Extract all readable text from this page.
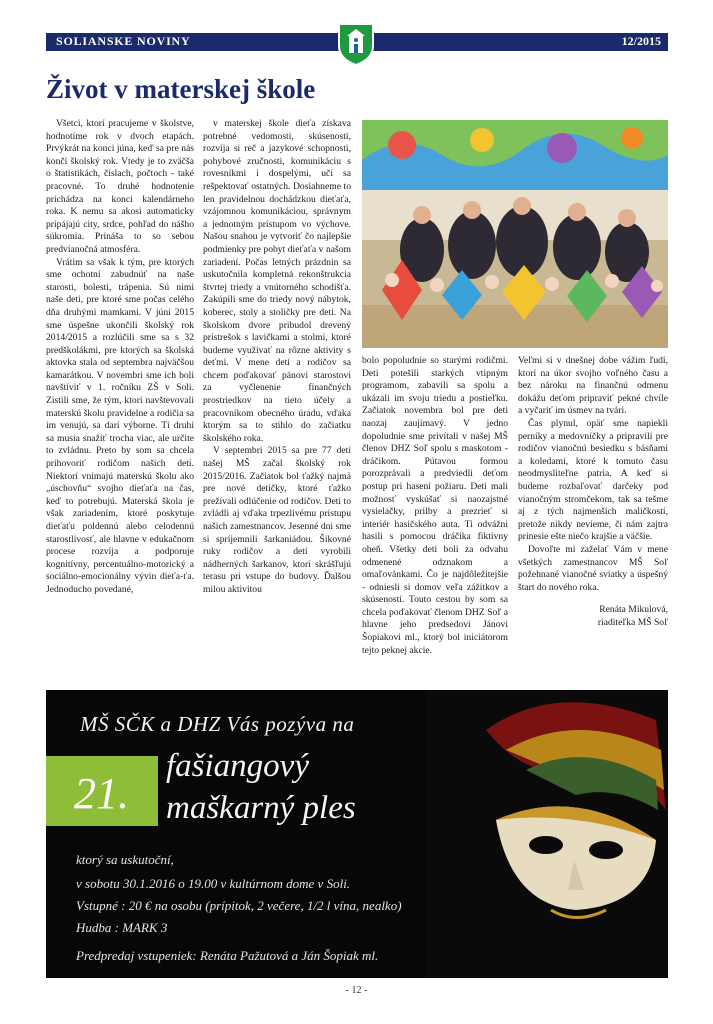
SOLIANSKE NOVINY	12/2015
Život v materskej škole

Všetci, ktorí pracujeme v školstve, hodnotíme rok v dvoch etapách. Prvýkrát na konci júna, keď sa pre nás končí školský rok. Vtedy je to zväčša o štatistikách, číslach, počtoch - také pracovné. To druhé hodnotenie prichádza na konci kalendárneho roka. K nemu sa akosi automaticky pripájajú city, srdce, pohľad do nášho súkromia. Prináša to so sebou predvianočná atmosféra.

Vrátim sa však k tým, pre ktorých sme ochotní zabudnúť na naše starosti, bolesti, trápenia. Sú nimi naše deti, pre ktoré sme počas celého dňa druhými mamkami. V júni 2015 sme úspešne ukončili školský rok 2014/2015 a rozlúčili sme sa s 32 predškolákmi, pre ktorých sa školská aktovka stala od septembra najväčšou kamarátkou. V novembri sme ich boli navštíviť v 1. ročníku ZŠ v Soli. Zistili sme, že tým, ktorí navštevovali materskú školu pravidelne a rodičia sa im venujú, sa darí výborne. Tí druhí sa musia snažiť trocha viac, ale určite to zvládnu. Preto by som sa chcela prihovoriť rodičom našich detí. Niektorí vnímajú materskú školu ako „úschovňu“ svojho dieťaťa na čas, keď to potrebujú. Materská škola je však zariadením, ktoré poskytuje dieťaťu poldennú alebo celodennú starostlivosť, ale hlavne v edukačnom procese rozvíja a podporuje kognitívny, percentuálno-motorický a sociálno-emocionálny vývin dieťa-ťa. Jednoducho povedané,

v materskej škole dieťa získava potrebné vedomosti, skúsenosti, rozvíja si reč a jazykové schopnosti, pohybové zručnosti, komunikáciu s rovesníkmi i dospelými, učí sa rešpektovať ostatných. Dosiahneme to len pravidelnou dochádzkou dieťaťa, vzájomnou komunikáciou, správnym a jednotným prístupom vo výchove. Našou snahou je vytvoriť čo najlepšie podmienky pre pobyt dieťaťa v našom zariadení. Počas letných prázdnin sa uskutočnila kompletná rekonštrukcia štvrtej triedy a vnútorného schodišťa. Zakúpili sme do triedy nový nábytok, koberec, stoly a stoličky pre deti. Na školskom dvore pribudol drevený prístrešok s lavičkami a stolmi, ktoré budeme využívať na rôzne aktivity s deťmi. V mene detí a rodičov sa chcem poďakovať pánovi starostovi za vyčlenenie finančných prostriedkov na tieto účely a pracovníkom obecného úradu, vďaka ktorým sa to stihlo do začiatku školského roka.

V septembri 2015 sa pre 77 detí našej MŠ začal školský rok 2015/2016. Začiatok bol ťažký najmä pre nové detičky, ktoré ťažko prežívali odlúčenie od rodičov. Deti to zvládli aj vďaka trpezlivému prístupu našich zamestnancov. Jesenné dni sme si spríjemnili šarkaniádou. Šikovné ruky rodičov a detí vyrobili nádherných šarkanov, ktorí skrášľujú terasu pri vstupe do budovy. Ďalšou milou aktivitou

bolo popoludnie so starými rodičmi. Deti potešili starkých vtipným programom, zabavili sa spolu a ukázali im svoju triedu a postieľku. Začiatok novembra bol pre deti naozaj zaujímavý. V jedno dopoludnie sme privítali v našej MŠ členov DHZ Soľ spolu s maskotom - dráčikom. Pútavou formou porozprávali a predviedli deťom postup pri hasení požiaru. Deti mali možnosť vyskúšať si naozajstné vysielačky, prilby a prezrieť si interiér hasičského auta. Ti odvážni hasili s pomocou dráčika fiktívny oheň. Všetky deti boli za odvahu odmenené odznakom a omaľovánkami. Čo je najdôležitejšie - odniesli si domov veľa zážitkov a skúseností. Touto cestou by som sa chcela poďakovať členom DHZ Soľ a hlavne jeho predsedovi Jánovi Šopiakovi ml., ktorý bol iniciátorom tejto peknej akcie.

Veľmi si v dnešnej dobe vážim ľudí, ktorí na úkor svojho voľného času a bez nároku na finančnú odmenu dokážu deťom pripraviť pekné chvíle a vyčariť im úsmev na tvári.

Čas plynul, opäť sme napiekli perníky a medovníčky a pripravili pre rodičov vianočnú besiedku s básňami a koledami, ktoré k tomuto času neodmysliteľne patria. A keď si budeme rozbaľovať darčeky pod vianočným stromčekom, tak sa tešme aj z tých najmenších maličkostí, pretože nikdy nevieme, či nám zajtra prinesie ešte niečo krajšie a väčšie.

Dovoľte mi zaželať Vám v mene všetkých zamestnancov MŠ Soľ požehnané vianočné sviatky a úspešný štart do nového roka.

Renáta Mikulová,
riaditeľka MŠ Soľ

MŠ SČK a DHZ Vás pozýva na
21.
fašiangový
maškarný ples
ktorý sa uskutoční,
v sobotu 30.1.2016 o 19.00 v kultúrnom dome v Soli.
Vstupné : 20 € na osobu (prípitok, 2 večere, 1/2 l vína, nealko)
Hudba : MARK 3
Predpredaj vstupeniek: Renáta Pažutová a Ján Šopiak ml.
- 12 -
